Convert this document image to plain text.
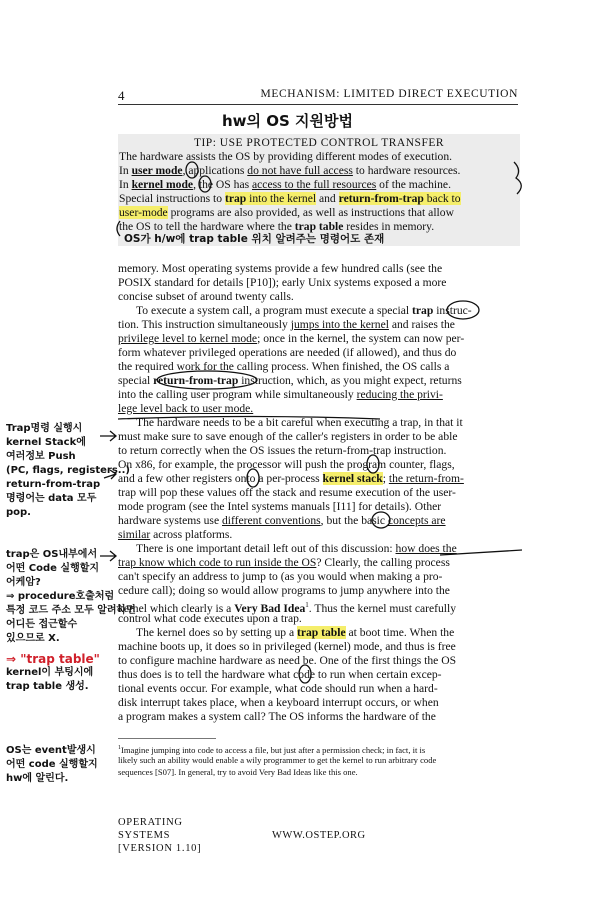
4	MECHANISM: LIMITED DIRECT EXECUTION
hw의 OS 지원방법
TIP: USE PROTECTED CONTROL TRANSFER
The hardware assists the OS by providing different modes of execution.
In user mode, applications do not have full access to hardware resources.
In kernel mode, the OS has access to the full resources of the machine.
Special instructions to trap into the kernel and return-from-trap back to
user-mode programs are also provided, as well as instructions that allow
the OS to tell the hardware where the trap table resides in memory.
OS가 h/w에 trap table 위치 알려주는 명령어도 존재
memory. Most operating systems provide a few hundred calls (see the
POSIX standard for details [P10]); early Unix systems exposed a more
concise subset of around twenty calls.
To execute a system call, a program must execute a special trap instruc-
tion. This instruction simultaneously jumps into the kernel and raises the
privilege level to kernel mode; once in the kernel, the system can now per-
form whatever privileged operations are needed (if allowed), and thus do
the required work for the calling process. When finished, the OS calls a
special return-from-trap instruction, which, as you might expect, returns
into the calling user program while simultaneously reducing the privi-
lege level back to user mode.
The hardware needs to be a bit careful when executing a trap, in that it
must make sure to save enough of the caller's registers in order to be able
to return correctly when the OS issues the return-from-trap instruction.
On x86, for example, the processor will push the program counter, flags,
and a few other registers onto a per-process kernel stack; the return-from-
trap will pop these values off the stack and resume execution of the user-
mode program (see the Intel systems manuals [I11] for details). Other
hardware systems use different conventions, but the basic concepts are
similar across platforms.
There is one important detail left out of this discussion: how does the
trap know which code to run inside the OS? Clearly, the calling process
can't specify an address to jump to (as you would when making a pro-
cedure call); doing so would allow programs to jump anywhere into the
kernel which clearly is a Very Bad Idea$^1$. Thus the kernel must carefully
control what code executes upon a trap.
The kernel does so by setting up a trap table at boot time. When the
machine boots up, it does so in privileged (kernel) mode, and thus is free
to configure machine hardware as need be. One of the first things the OS
thus does is to tell the hardware what code to run when certain excep-
tional events occur. For example, what code should run when a hard-
disk interrupt takes place, when a keyboard interrupt occurs, or when
a program makes a system call? The OS informs the hardware of the
$^1$Imagine jumping into code to access a file, but just after a permission check; in fact, it is
likely such an ability would enable a wily programmer to get the kernel to run arbitrary code
sequences [S07]. In general, try to avoid Very Bad Ideas like this one.
OPERATING
SYSTEMS
[VERSION 1.10]
WWW.OSTEP.ORG
Trap명령 실행시
kernel Stack에
여러정보 Push
(PC, flags, registers..)
return-from-trap
명령어는 data 모두
pop.
trap은 OS내부에서
어떤 Code 실행할지
어케암?
⇒ procedure호출처럼
특정 코드 주소 모두 알려하면
어디든 접근할수
있으므로 X.
⇒ "trap table"
kernel이 부팅시에
trap table 생성.
OS는 event발생시
어떤 code 실행할지
hw에 알린다.
